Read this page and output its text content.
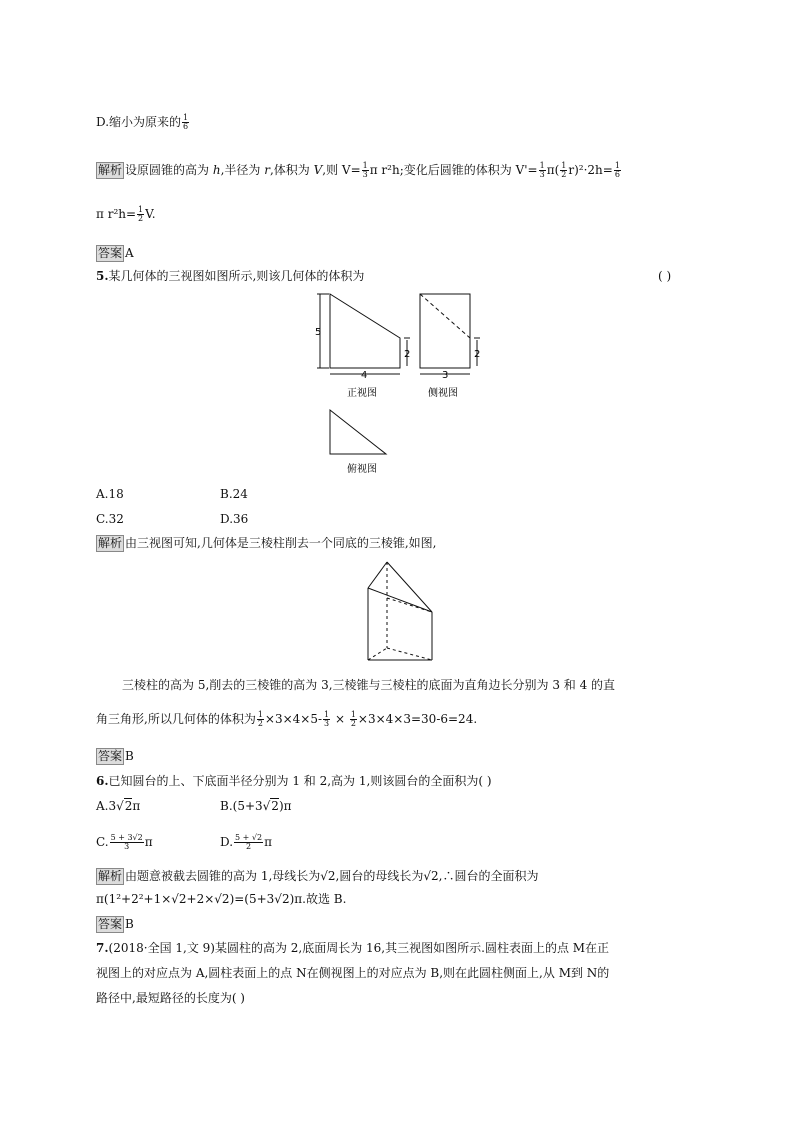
D.缩小为原来的 $\frac{1}{6}$
解析 设原圆锥的高为 h,半径为 r,体积为 V,则 $V= \frac{1}{3}$ π r²h;变化后圆锥的体积为 $V'= \frac{1}{3} \pi( \frac{1}{2} r)^2\cdot 2h= \frac{1}{6}$
π $r^2h= \frac{1}{2} V$.
答案 A
5.某几何体的三视图如图所示,则该几何体的体积为	( )
5
2
4
正视图
2
3
侧视图
俯视图
A.18	B.24
C.32	D.36
解析 由三视图可知,几何体是三棱柱削去一个同底的三棱锥,如图,
三棱柱的高为 5,削去的三棱锥的高为 3,三棱锥与三棱柱的底面为直角边长分别为 3 和 4 的直
角三角形,所以几何体的体积为 $\frac{1}{2} \times 3\times 4\times 5- \frac{1}{3} \times \frac{1}{2} \times 3\times 4\times 3=30-6=24$.
答案 B
6.已知圆台的上、下底面半径分别为 1 和 2,高为 1,则该圆台的全面积为( )
A.3√2π	B.(5+3√2)π
C. $\frac{5 + 3√2}{3}$ π	D. $\frac{5 + √2}{2}$ π
解析 由题意被截去圆锥的高为 1,母线长为√2,圆台的母线长为√2,∴圆台的全面积为
π(1²+2²+1×√2+2×√2)=(5+3√2)π.故选 B.
答案 B
7.(2018·全国 1,文 9)某圆柱的高为 2,底面周长为 16,其三视图如图所示.圆柱表面上的点 M在正
视图上的对应点为 A,圆柱表面上的点 N在侧视图上的对应点为 B,则在此圆柱侧面上,从 M到 N的
路径中,最短路径的长度为( )
